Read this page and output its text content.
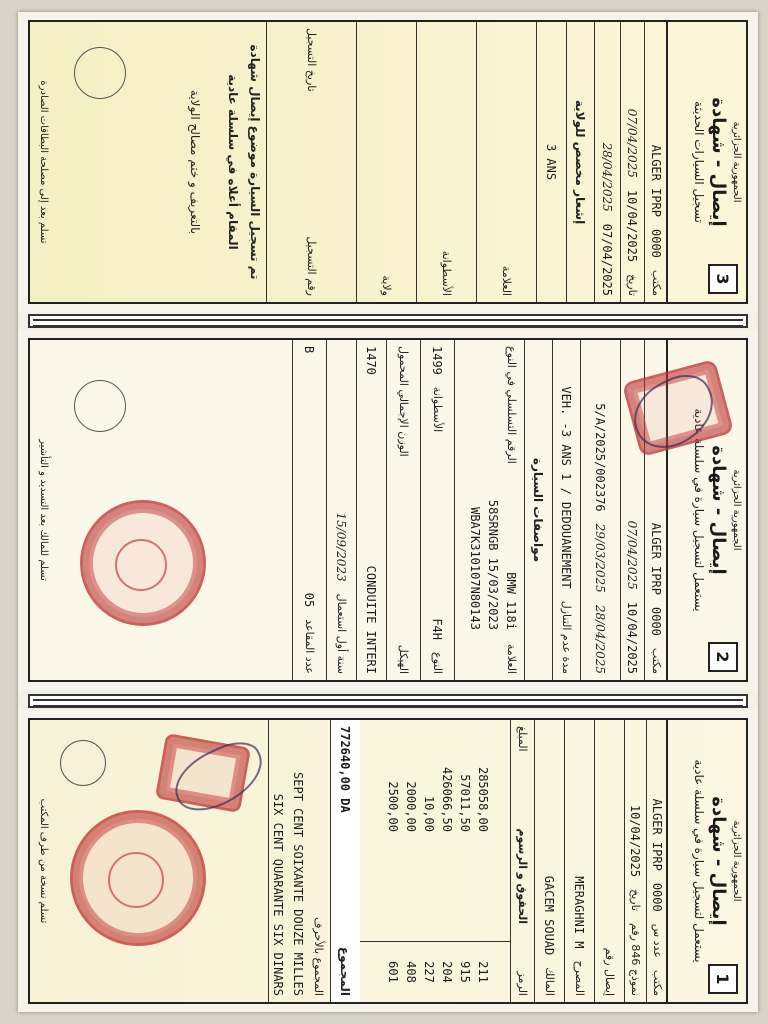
الجمهورية الجزائرية
إيصال - شهادة
تسجيل السيارات الحديثة
3
مكتب
0000
ALGER IPRP
تاريخ
10/04/2025
07/04/2025
07/04/2025
28/04/2025
إشعار مخصص للولاية
3 ANS
العلامة
الأسطوانة
ولاية
رقم التسجيل
تاريخ التسجيل
تم تسجيل السيارة موضوع إيصال شهادة
المقام أعلاه في سلسلة عادية
بالتعريف و ختم مصالح الولاية
تسلم بعد إلى مصلحة البطاقات الصادرة
الجمهورية الجزائرية
إيصال - شهادة
يستعمل لتسجيل سيارة في سلسلة عادية
2
مكتب
0000
ALGER IPRP
10/04/2025
07/04/2025
28/04/2025
29/03/2025
5/A/2025/002376
مدة عدم التنازل
VEH. -3 ANS 1 / DEDOUANEMENT
مواصفات السيارة
العلامة
BMW 118i
58SRNGB 15/03/2023
WBA7K310107N80143
الرقم التسلسلي في النوع
النوع
F4H
الأسطوانة
1499
الهيكل
الوزن الإجمالي المحمول
CONDUITE INTERI
1470
سنة أول استعمال
15/09/2023
عدد المقاعد
05
B
تسلم للمالك بعد التسديد و التأشير
الجمهورية الجزائرية
إيصال - شهادة
يستعمل لتسجيل سيارة في سلسلة عادية
1
مكتب
عدد س
0000
ALGER IPRP
نموذج 846 رقم
تاريخ
10/04/2025
إيصال رقم
المصرح
MERAGHNI M
المالك
GACEM SOUAD
الرمز
الحقوق و الرسوم
المبلغ
211
915
204
227
408
601
285058,00
57011,50
426066,50
10,00
2000,00
2500,00
المجموع
772640,00 DA
المجموع بالأحرف
SEPT CENT SOIXANTE DOUZE MILLES
SIX CENT QUARANTE SIX DINARS
تسلم نسخة من طرف المكتب
